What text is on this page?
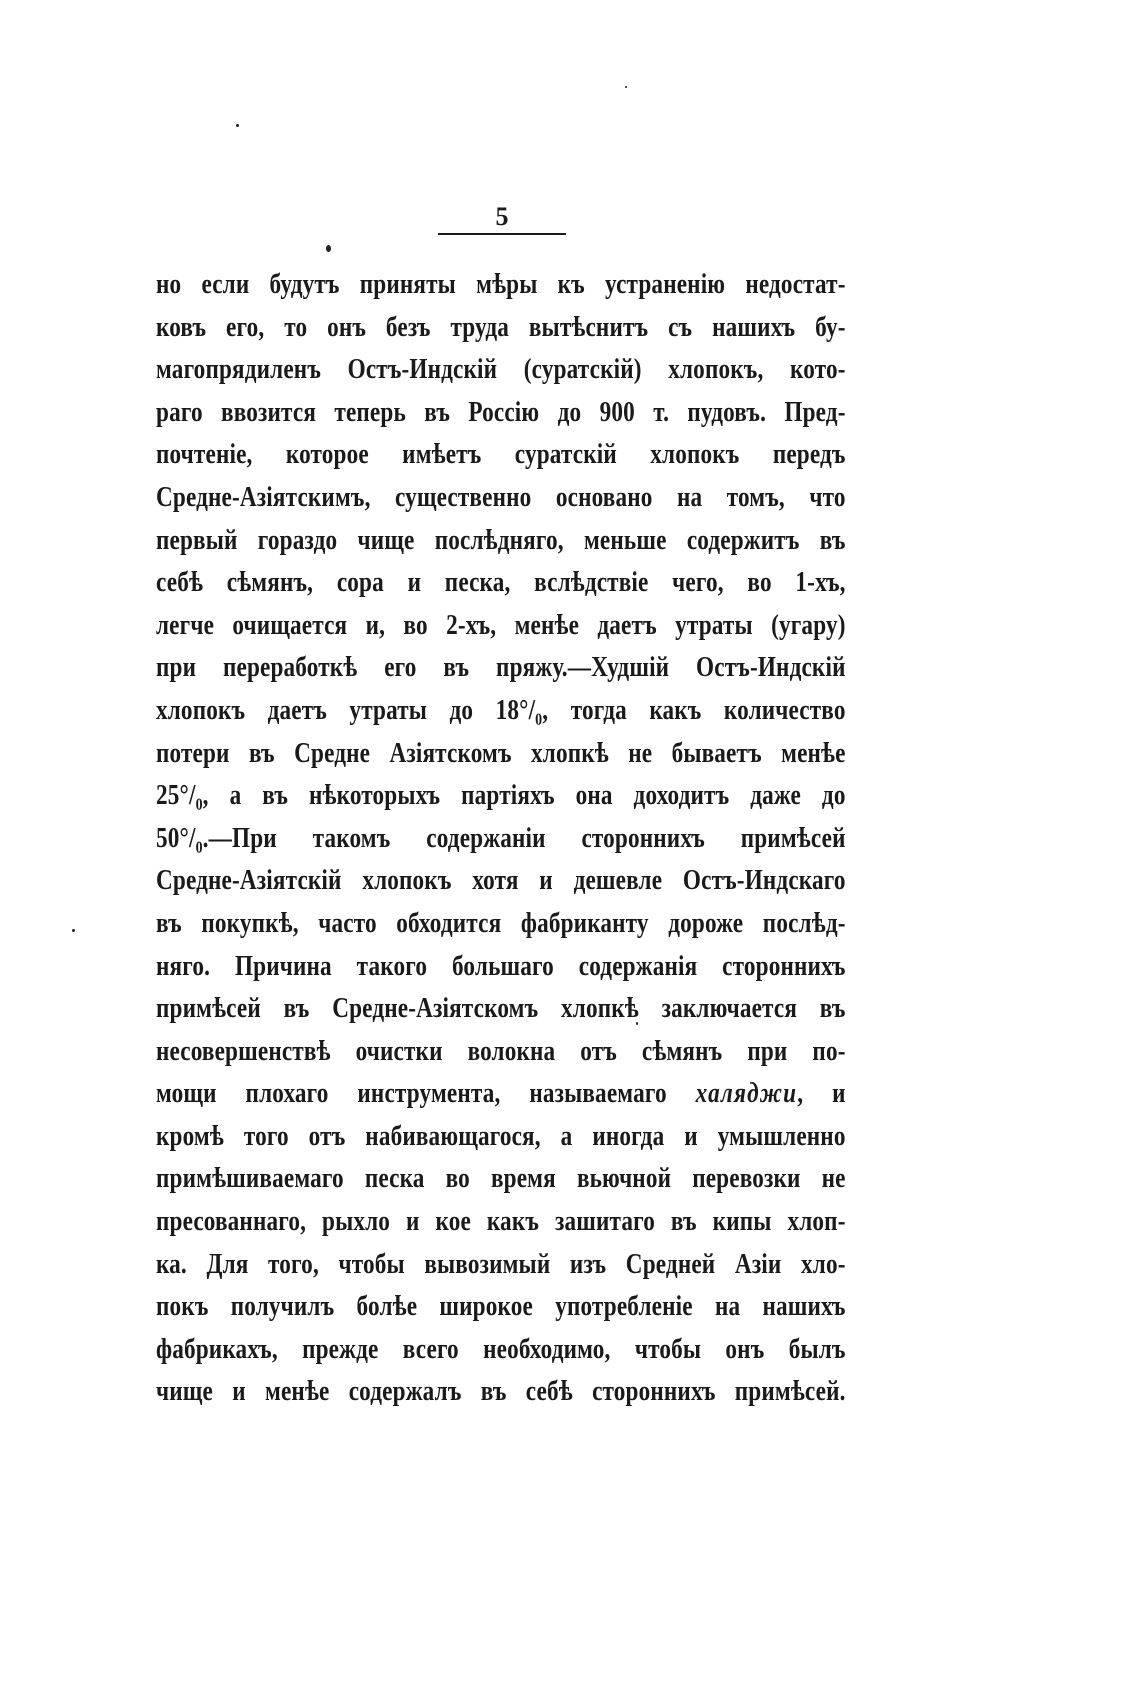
5
но если будутъ приняты мѣры къ устраненію недостат-
ковъ его, то онъ безъ труда вытѣснитъ съ нашихъ бу-
магопрядиленъ Остъ-Индскій (суратскій) хлопокъ, кото-
раго ввозится теперь въ Россію до 900 т. пудовъ. Пред-
почтеніе, которое имѣетъ суратскій хлопокъ передъ
Средне-Азіятскимъ, существенно основано на томъ, что
первый гораздо чище послѣдняго, меньше содержитъ въ
себѣ сѣмянъ, сора и песка, вслѣдствіе чего, во 1-хъ,
легче очищается и, во 2-хъ, менѣе даетъ утраты (угару)
при переработкѣ его въ пряжу.—Худшій Остъ-Индскій
хлопокъ даетъ утраты до 18°/₀, тогда какъ количество
потери въ Средне Азіятскомъ хлопкѣ не бываетъ менѣе
25°/₀, а въ нѣкоторыхъ партіяхъ она доходитъ даже до
50°/₀.—При такомъ содержаніи стороннихъ примѣсей
Средне-Азіятскій хлопокъ хотя и дешевле Остъ-Индскаго
въ покупкѣ, часто обходится фабриканту дороже послѣд-
няго. Причина такого большаго содержанія стороннихъ
примѣсей въ Средне-Азіятскомъ хлопкѣ заключается въ
несовершенствѣ очистки волокна отъ сѣмянъ при по-
мощи плохаго инструмента, называемаго халяджи, и
кромѣ того отъ набивающагося, а иногда и умышленно
примѣшиваемаго песка во время вьючной перевозки не
пресованнаго, рыхло и кое какъ зашитаго въ кипы хлоп-
ка. Для того, чтобы вывозимый изъ Средней Азіи хло-
покъ получилъ болѣе широкое употребленіе на нашихъ
фабрикахъ, прежде всего необходимо, чтобы онъ былъ
чище и менѣе содержалъ въ себѣ стороннихъ примѣсей.
